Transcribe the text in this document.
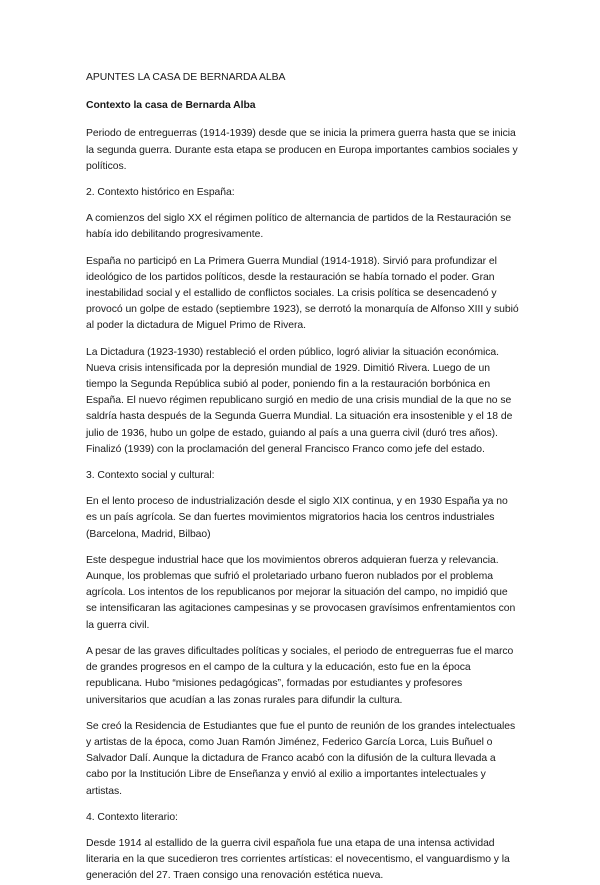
APUNTES LA CASA DE BERNARDA ALBA

Contexto la casa de Bernarda Alba

Periodo de entreguerras (1914-1939) desde que se inicia la primera guerra hasta que se inicia la segunda guerra. Durante esta etapa se producen en Europa importantes cambios sociales y políticos.

2. Contexto histórico en España:

A comienzos del siglo XX el régimen político de alternancia de partidos de la Restauración se había ido debilitando progresivamente.

España no participó en La Primera Guerra Mundial (1914-1918). Sirvió para profundizar el ideológico de los partidos políticos, desde la restauración se había tornado el poder. Gran inestabilidad social y el estallido de conflictos sociales. La crisis política se desencadenó y provocó un golpe de estado (septiembre 1923), se derrotó la monarquía de Alfonso XIII y subió al poder la dictadura de Miguel Primo de Rivera.

La Dictadura (1923-1930) restableció el orden público, logró aliviar la situación económica. Nueva crisis intensificada por la depresión mundial de 1929. Dimitió Rivera. Luego de un tiempo la Segunda República subió al poder, poniendo fin a la restauración borbónica en España. El nuevo régimen republicano surgió en medio de una crisis mundial de la que no se saldría hasta después de la Segunda Guerra Mundial. La situación era insostenible y el 18 de julio de 1936, hubo un golpe de estado, guiando al país a una guerra civil (duró tres años). Finalizó (1939) con la proclamación del general Francisco Franco como jefe del estado.

3. Contexto social y cultural:

En el lento proceso de industrialización desde el siglo XIX continua, y en 1930 España ya no es un país agrícola. Se dan fuertes movimientos migratorios hacia los centros industriales (Barcelona, Madrid, Bilbao)

Este despegue industrial hace que los movimientos obreros adquieran fuerza y relevancia. Aunque, los problemas que sufrió el proletariado urbano fueron nublados por el problema agrícola. Los intentos de los republicanos por mejorar la situación del campo, no impidió que se intensificaran las agitaciones campesinas y se provocasen gravísimos enfrentamientos con la guerra civil.

A pesar de las graves dificultades políticas y sociales, el periodo de entreguerras fue el marco de grandes progresos en el campo de la cultura y la educación, esto fue en la época republicana. Hubo “misiones pedagógicas”, formadas por estudiantes y profesores universitarios que acudían a las zonas rurales para difundir la cultura.

Se creó la Residencia de Estudiantes que fue el punto de reunión de los grandes intelectuales y artistas de la época, como Juan Ramón Jiménez, Federico García Lorca, Luis Buñuel o Salvador Dalí. Aunque la dictadura de Franco acabó con la difusión de la cultura llevada a cabo por la Institución Libre de Enseñanza y envió al exilio a importantes intelectuales y artistas.

4. Contexto literario:

Desde 1914 al estallido de la guerra civil española fue una etapa de una intensa actividad literaria en la que sucedieron tres corrientes artísticas: el novecentismo, el vanguardismo y la generación del 27. Traen consigo una renovación estética nueva.
